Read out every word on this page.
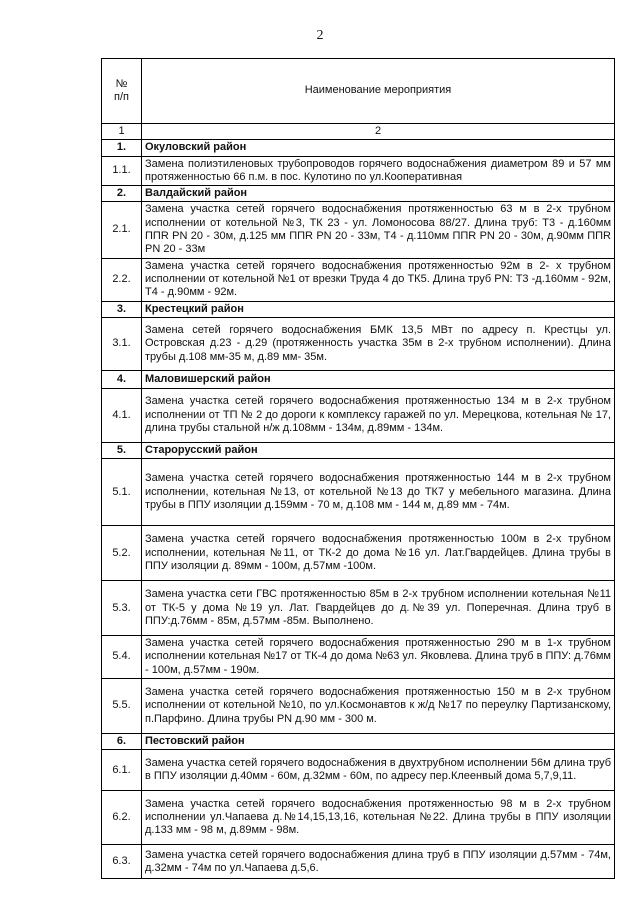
2
№
п/п	Наименование мероприятия
1	2
1.	Окуловский район
1.1.	Замена полиэтиленовых трубопроводов горячего водоснабжения диаметром 89 и 57 мм протяженностью 66 п.м. в пос. Кулотино по ул.Кооперативная
2.	Валдайский район
2.1.	Замена участка сетей горячего водоснабжения протяженностью 63 м в 2-х трубном исполнении от котельной №3, ТК 23 - ул. Ломоносова 88/27. Длина труб: Т3 - д.160мм ППR PN 20 - 30м, д.125 мм ППR PN 20 - 33м, Т4 - д.110мм ППR PN 20 - 30м, д.90мм ППR PN 20 - 33м
2.2.	Замена участка сетей горячего водоснабжения протяженностью 92м в 2- х трубном исполнении от котельной №1 от врезки Труда 4 до ТК5. Длина труб PN: Т3 -д.160мм - 92м, Т4 - д.90мм - 92м.
3.	Крестецкий район
3.1.	Замена сетей горячего водоснабжения БМК 13,5 МВт по адресу п. Крестцы ул. Островская д.23 - д.29 (протяженность участка 35м в 2-х трубном исполнении). Длина трубы д.108 мм-35 м, д.89 мм- 35м.
4.	Маловишерский район
4.1.	Замена участка сетей горячего водоснабжения протяженностью 134 м в 2-х трубном исполнении от ТП № 2 до дороги к комплексу гаражей по ул. Мерецкова, котельная № 17, длина трубы стальной н/ж д.108мм - 134м, д.89мм - 134м.
5.	Старорусский район
5.1.	Замена участка сетей горячего водоснабжения протяженностью 144 м в 2-х трубном исполнении, котельная №13, от котельной №13 до ТК7 у мебельного магазина. Длина трубы в ППУ изоляции д.159мм - 70 м, д.108 мм - 144 м, д.89 мм - 74м.
5.2.	Замена участка сетей горячего водоснабжения протяженностью 100м в 2-х трубном исполнении, котельная №11, от ТК-2 до дома №16 ул. Лат.Гвардейцев. Длина трубы в ППУ изоляции д. 89мм - 100м, д.57мм -100м.
5.3.	Замена участка сети ГВС протяженностью 85м в 2-х трубном исполнении котельная №11 от ТК-5 у дома №19 ул. Лат. Гвардейцев до д.№39 ул. Поперечная. Длина труб в ППУ:д.76мм - 85м, д.57мм -85м. Выполнено.
5.4.	Замена участка сетей горячего водоснабжения протяженностью 290 м в 1-х трубном исполнении котельная №17 от ТК-4 до дома №63 ул. Яковлева. Длина труб в ППУ: д.76мм - 100м, д.57мм - 190м.
5.5.	Замена участка сетей горячего водоснабжения протяженностью 150 м в 2-х трубном исполнении от котельной №10, по ул.Космонавтов к ж/д №17 по переулку Партизанскому, п.Парфино. Длина трубы PN д.90 мм - 300 м.
6.	Пестовский район
6.1.	Замена участка сетей горячего водоснабжения в двухтрубном исполнении 56м длина труб в ППУ изоляции д.40мм - 60м, д.32мм - 60м, по адресу пер.Клеенвый дома 5,7,9,11.
6.2.	Замена участка сетей горячего водоснабжения протяженностью 98 м в 2-х трубном исполнении ул.Чапаева д.№14,15,13,16, котельная №22. Длина трубы в ППУ изоляции д.133 мм - 98 м, д.89мм - 98м.
6.3.	Замена участка сетей горячего водоснабжения длина труб в ППУ изоляции д.57мм - 74м, д.32мм - 74м по ул.Чапаева д.5,6.
